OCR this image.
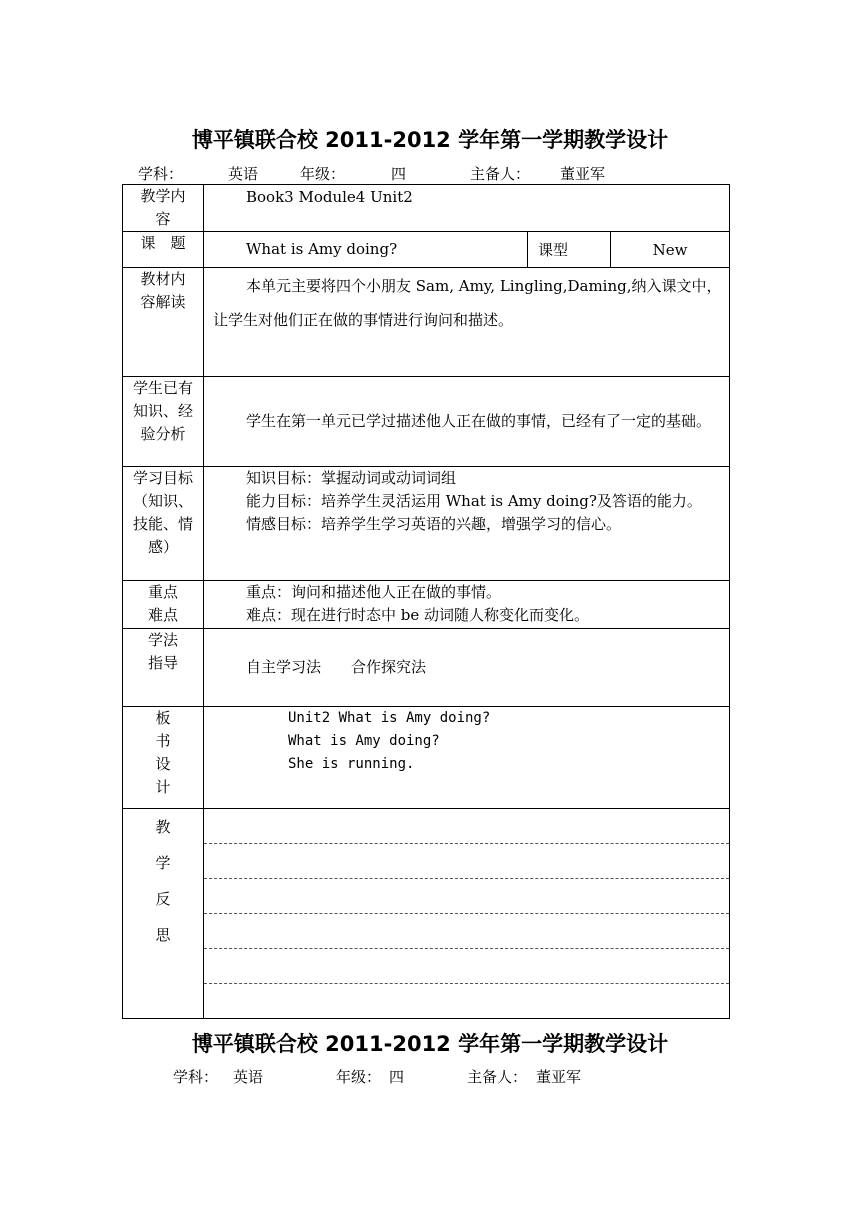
博平镇联合校 2011-2012 学年第一学期教学设计
学科：	英语	年级：	四	主备人： 董亚军
教学内容	Book3 Module4 Unit2		

课　题	What is Amy doing?	课型	New

教材内容解读	本单元主要将四个小朋友 Sam, Amy, Lingling,Daming,纳入课文中，让学生对他们正在做的事情进行询问和描述。		

学生已有知识、经验分析	学生在第一单元已学过描述他人正在做的事情，已经有了一定的基础。		

学习目标（知识、技能、情感）	知识目标：掌握动词或动词词组
能力目标：培养学生灵活运用 What is Amy doing?及答语的能力。
情感目标：培养学生学习英语的兴趣，增强学习的信心。		

重点难点	重点：询问和描述他人正在做的事情。
难点：现在进行时态中 be 动词随人称变化而变化。		

学法指导	自主学习法　　合作探究法		

板书设计	Unit2 What is Amy doing?
What is Amy doing?
She is running.		

教学反思			

博平镇联合校 2011-2012 学年第一学期教学设计
学科： 英语	年级： 四	主备人： 董亚军
